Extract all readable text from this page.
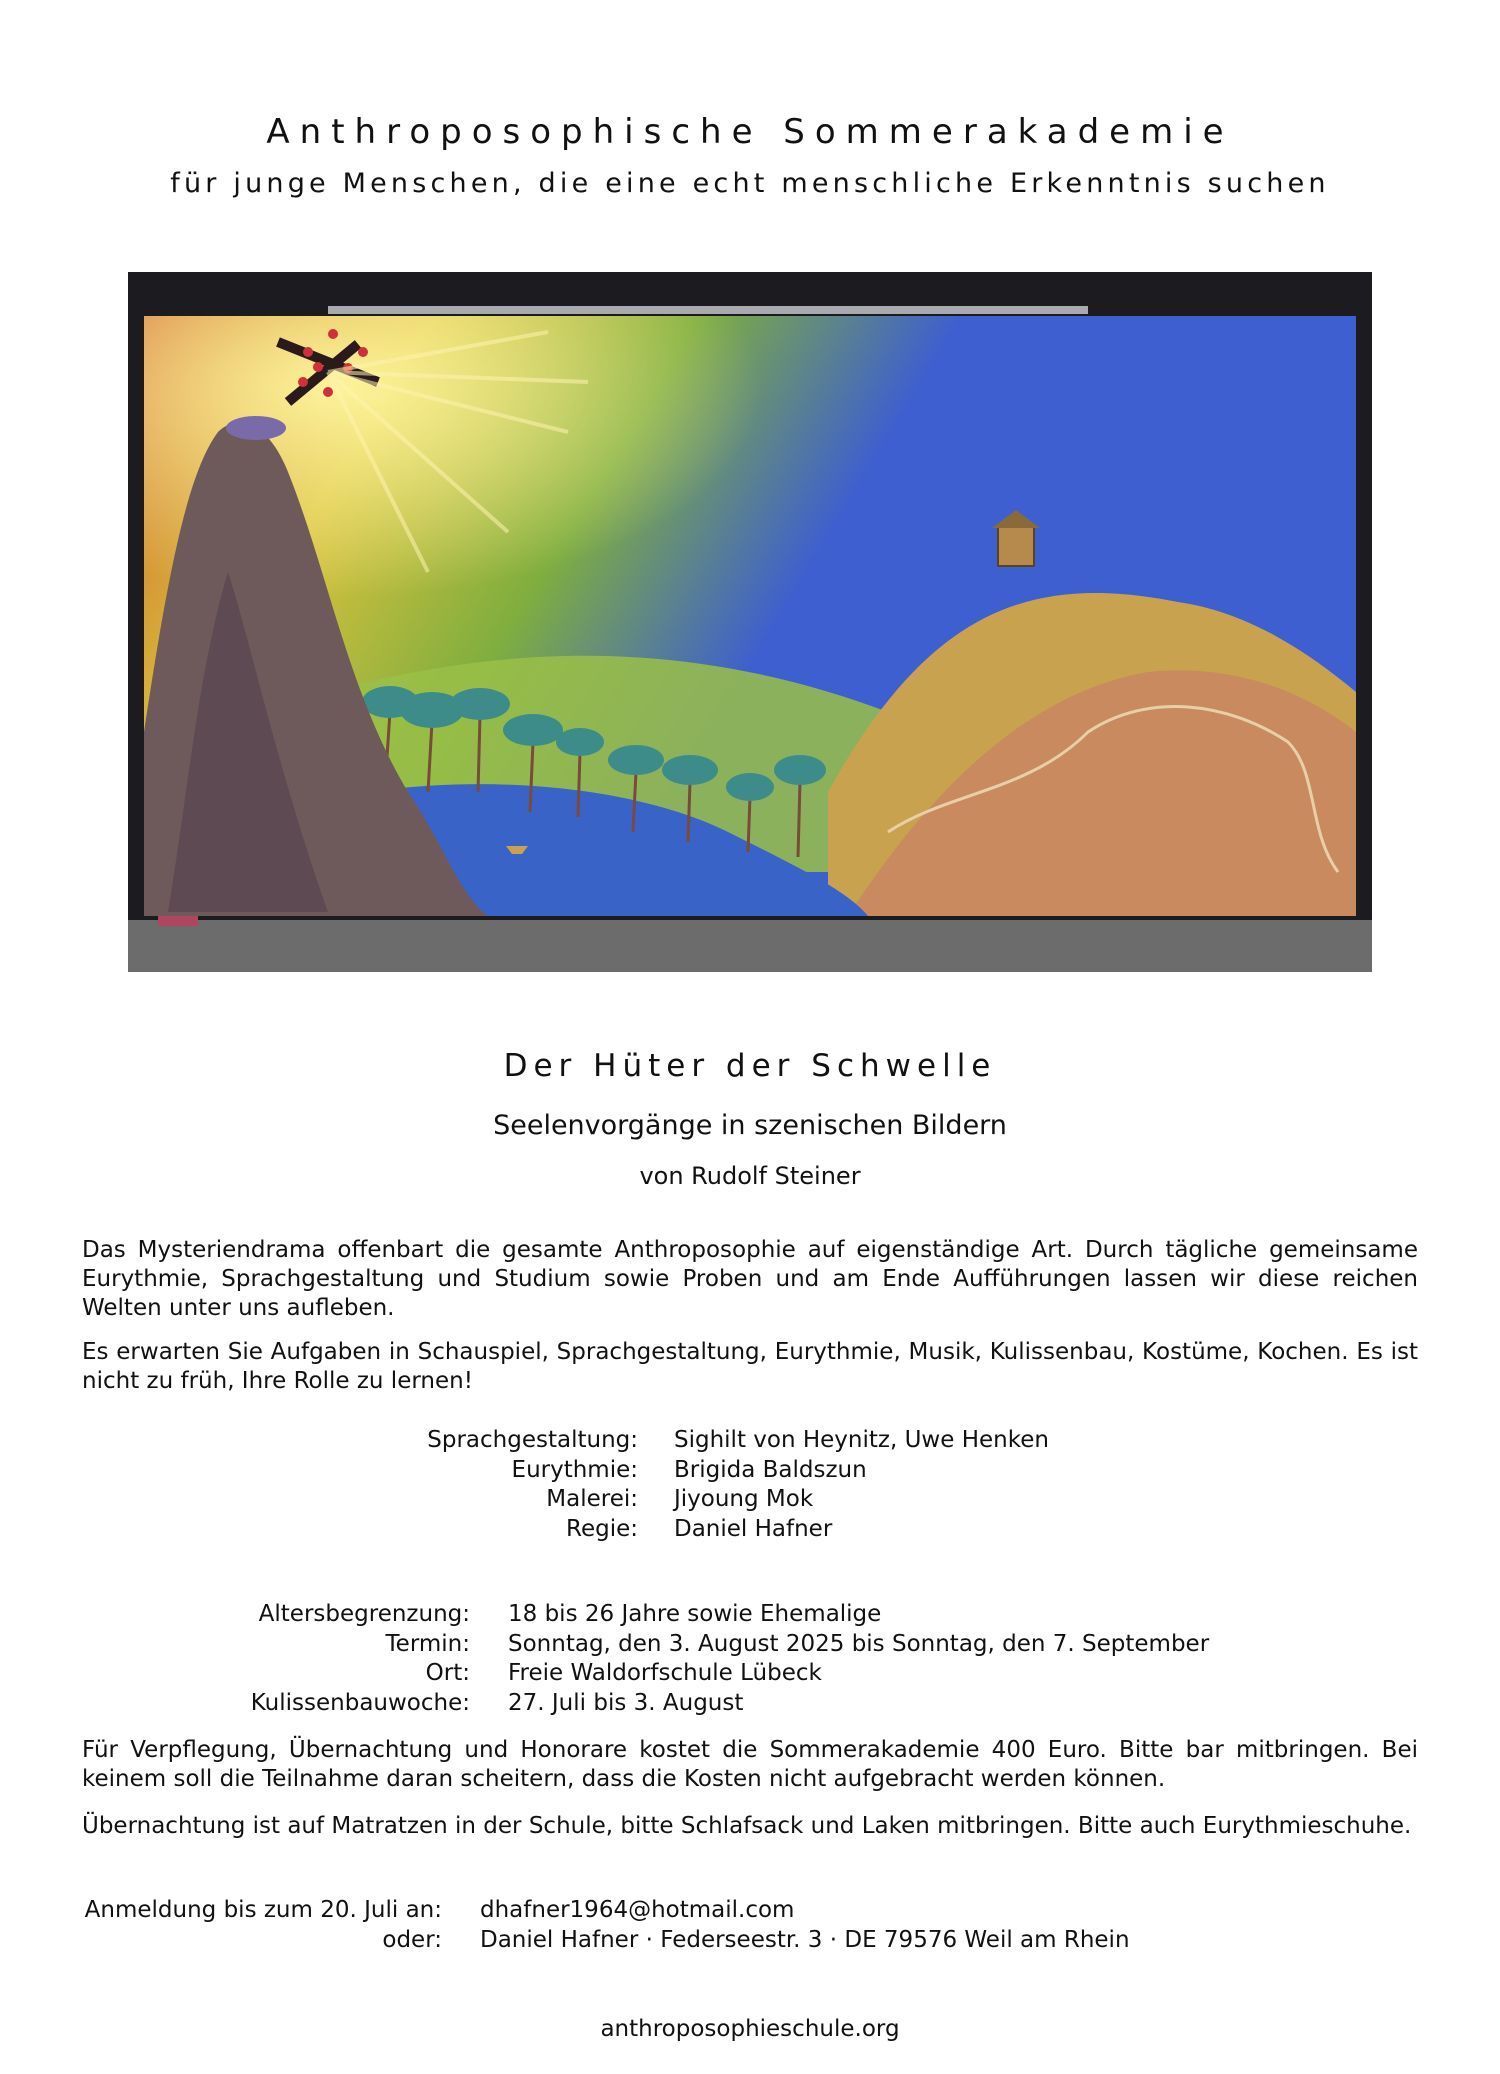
Anthroposophische Sommerakademie
für junge Menschen, die eine echt menschliche Erkenntnis suchen
Der Hüter der Schwelle
Seelenvorgänge in szenischen Bildern
von Rudolf Steiner
Das Mysteriendrama offenbart die gesamte Anthroposophie auf eigenständige Art. Durch tägliche gemeinsame Eurythmie, Sprachgestaltung und Studium sowie Proben und am Ende Aufführungen lassen wir diese reichen Welten unter uns aufleben.
Es erwarten Sie Aufgaben in Schauspiel, Sprachgestaltung, Eurythmie, Musik, Kulissenbau, Kostüme, Kochen. Es ist nicht zu früh, Ihre Rolle zu lernen!
Sprachgestaltung:	Sighilt von Heynitz, Uwe Henken
Eurythmie:	Brigida Baldszun
Malerei:	Jiyoung Mok
Regie:	Daniel Hafner
Altersbegrenzung:	18 bis 26 Jahre sowie Ehemalige
Termin:	Sonntag, den 3. August 2025 bis Sonntag, den 7. September
Ort:	Freie Waldorfschule Lübeck
Kulissenbauwoche:	27. Juli bis 3. August
Für Verpflegung, Übernachtung und Honorare kostet die Sommerakademie 400 Euro. Bitte bar mitbringen. Bei keinem soll die Teilnahme daran scheitern, dass die Kosten nicht aufgebracht werden können.
Übernachtung ist auf Matratzen in der Schule, bitte Schlafsack und Laken mitbringen. Bitte auch Eurythmieschuhe.
Anmeldung bis zum 20. Juli an:	dhafner1964@hotmail.com
oder:	Daniel Hafner · Federseestr. 3 · DE 79576 Weil am Rhein
anthroposophieschule.org
